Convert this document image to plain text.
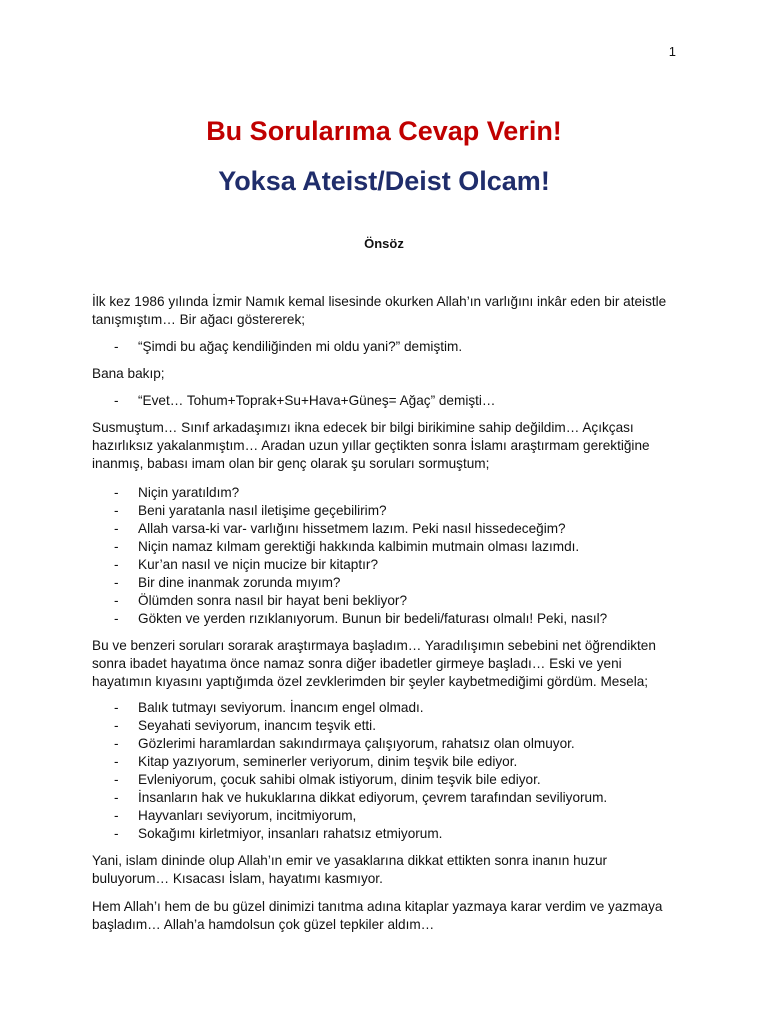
1
Bu Sorularıma Cevap Verin!
Yoksa Ateist/Deist Olcam!
Önsöz

İlk kez 1986 yılında İzmir Namık kemal lisesinde okurken Allah’ın varlığını inkâr eden bir ateistle tanışmıştım… Bir ağacı göstererek;

- “Şimdi bu ağaç kendiliğinden mi oldu yani?” demiştim.

Bana bakıp;

- “Evet… Tohum+Toprak+Su+Hava+Güneş= Ağaç” demişti…

Susmuştum… Sınıf arkadaşımızı ikna edecek bir bilgi birikimine sahip değildim… Açıkçası hazırlıksız yakalanmıştım… Aradan uzun yıllar geçtikten sonra İslamı araştırmam gerektiğine inanmış, babası imam olan bir genç olarak şu soruları sormuştum;

- Niçin yaratıldım?
- Beni yaratanla nasıl iletişime geçebilirim?
- Allah varsa-ki var- varlığını hissetmem lazım. Peki nasıl hissedeceğim?
- Niçin namaz kılmam gerektiği hakkında kalbimin mutmain olması lazımdı.
- Kur’an nasıl ve niçin mucize bir kitaptır?
- Bir dine inanmak zorunda mıyım?
- Ölümden sonra nasıl bir hayat beni bekliyor?
- Gökten ve yerden rızıklanıyorum. Bunun bir bedeli/faturası olmalı! Peki, nasıl?

Bu ve benzeri soruları sorarak araştırmaya başladım… Yaradılışımın sebebini net öğrendikten sonra ibadet hayatıma önce namaz sonra diğer ibadetler girmeye başladı… Eski ve yeni hayatımın kıyasını yaptığımda özel zevklerimden bir şeyler kaybetmediğimi gördüm. Mesela;

- Balık tutmayı seviyorum. İnancım engel olmadı.
- Seyahati seviyorum, inancım teşvik etti.
- Gözlerimi haramlardan sakındırmaya çalışıyorum, rahatsız olan olmuyor.
- Kitap yazıyorum, seminerler veriyorum, dinim teşvik bile ediyor.
- Evleniyorum, çocuk sahibi olmak istiyorum, dinim teşvik bile ediyor.
- İnsanların hak ve hukuklarına dikkat ediyorum, çevrem tarafından seviliyorum.
- Hayvanları seviyorum, incitmiyorum,
- Sokağımı kirletmiyor, insanları rahatsız etmiyorum.

Yani, islam dininde olup Allah’ın emir ve yasaklarına dikkat ettikten sonra inanın huzur buluyorum… Kısacası İslam, hayatımı kasmıyor.

Hem Allah’ı hem de bu güzel dinimizi tanıtma adına kitaplar yazmaya karar verdim ve yazmaya başladım… Allah’a hamdolsun çok güzel tepkiler aldım…
